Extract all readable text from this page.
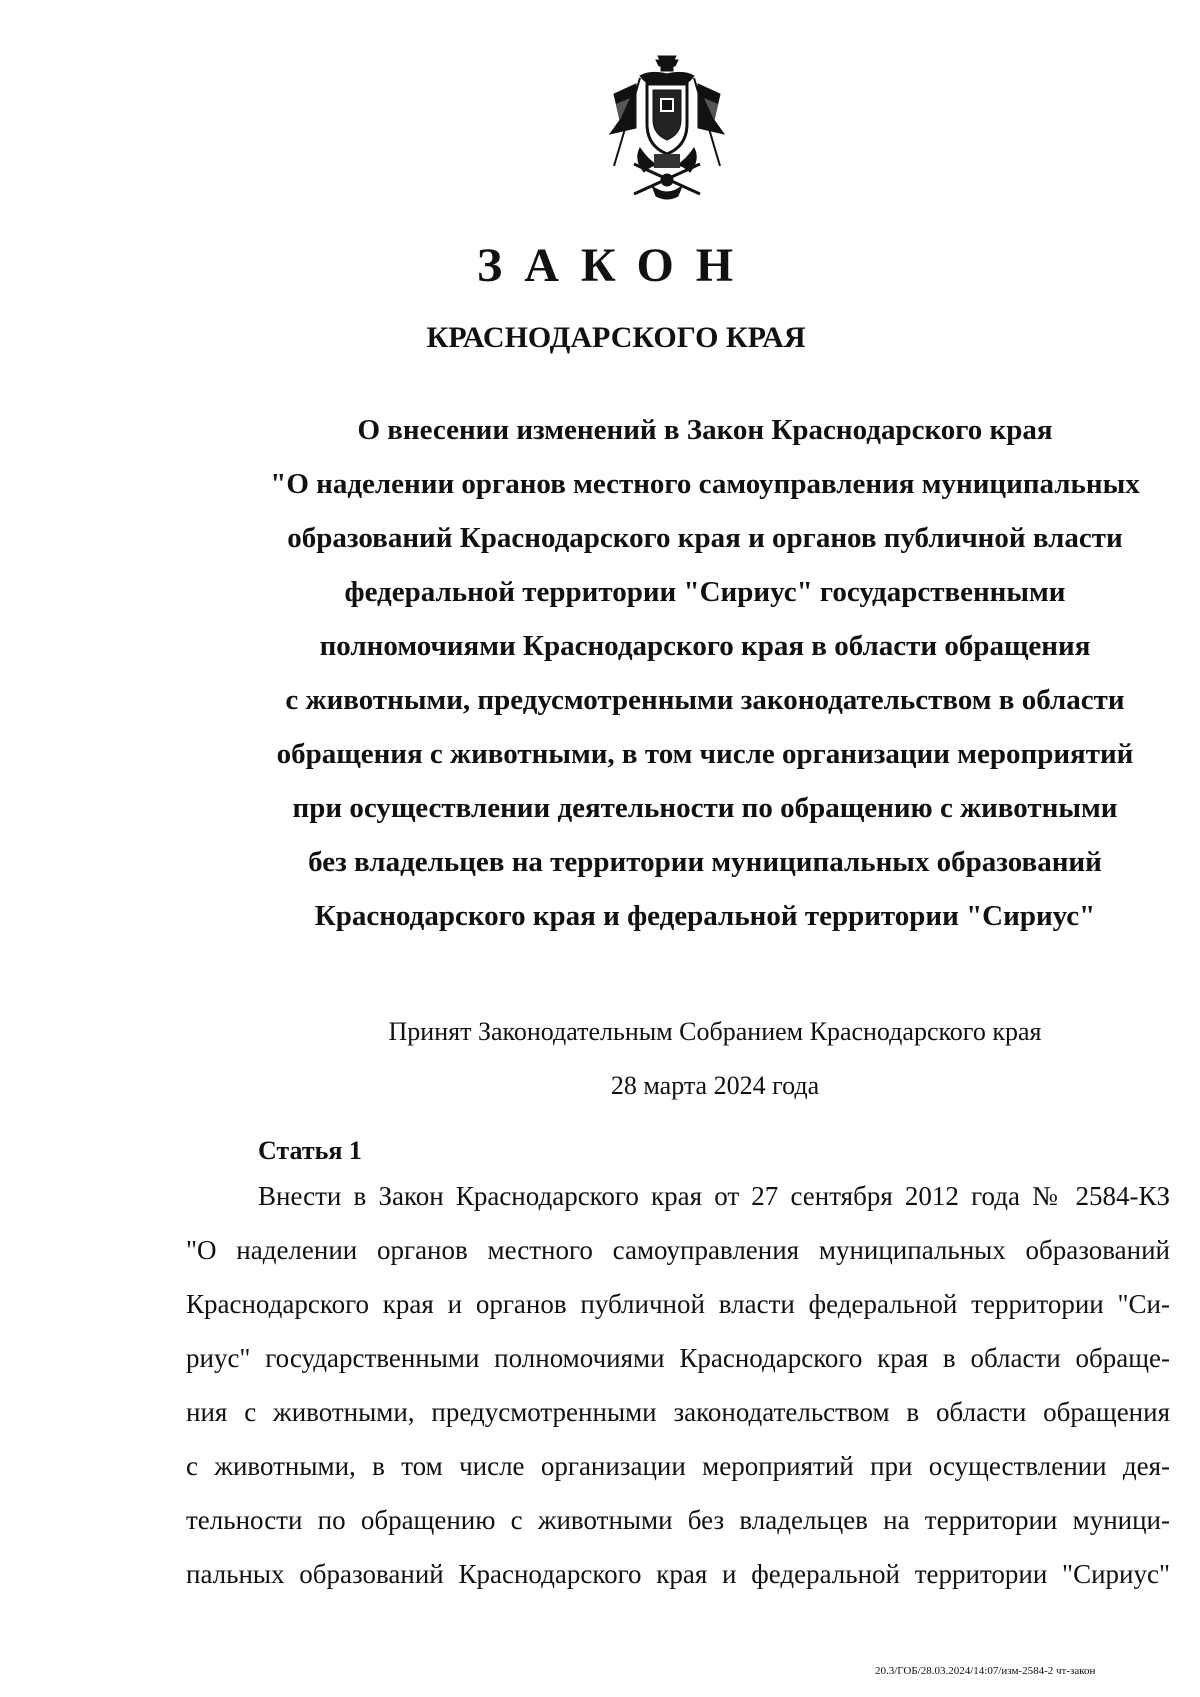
ЗАКОН
КРАСНОДАРСКОГО КРАЯ
О внесении изменений в Закон Краснодарского края
"О наделении органов местного самоуправления муниципальных
образований Краснодарского края и органов публичной власти
федеральной территории "Сириус" государственными
полномочиями Краснодарского края в области обращения
с животными, предусмотренными законодательством в области
обращения с животными, в том числе организации мероприятий
при осуществлении деятельности по обращению с животными
без владельцев на территории муниципальных образований
Краснодарского края и федеральной территории "Сириус"
Принят Законодательным Собранием Краснодарского края
28 марта 2024 года
Статья 1
Внести в Закон Краснодарского края от 27 сентября 2012 года № 2584-КЗ
"О наделении органов местного самоуправления муниципальных образований
Краснодарского края и органов публичной власти федеральной территории "Си-
риус" государственными полномочиями Краснодарского края в области обраще-
ния с животными, предусмотренными законодательством в области обращения
с животными, в том числе организации мероприятий при осуществлении дея-
тельности по обращению с животными без владельцев на территории муници-
пальных образований Краснодарского края и федеральной территории "Сириус"
20.3/ГОБ/28.03.2024/14:07/изм-2584-2 чт-закон
